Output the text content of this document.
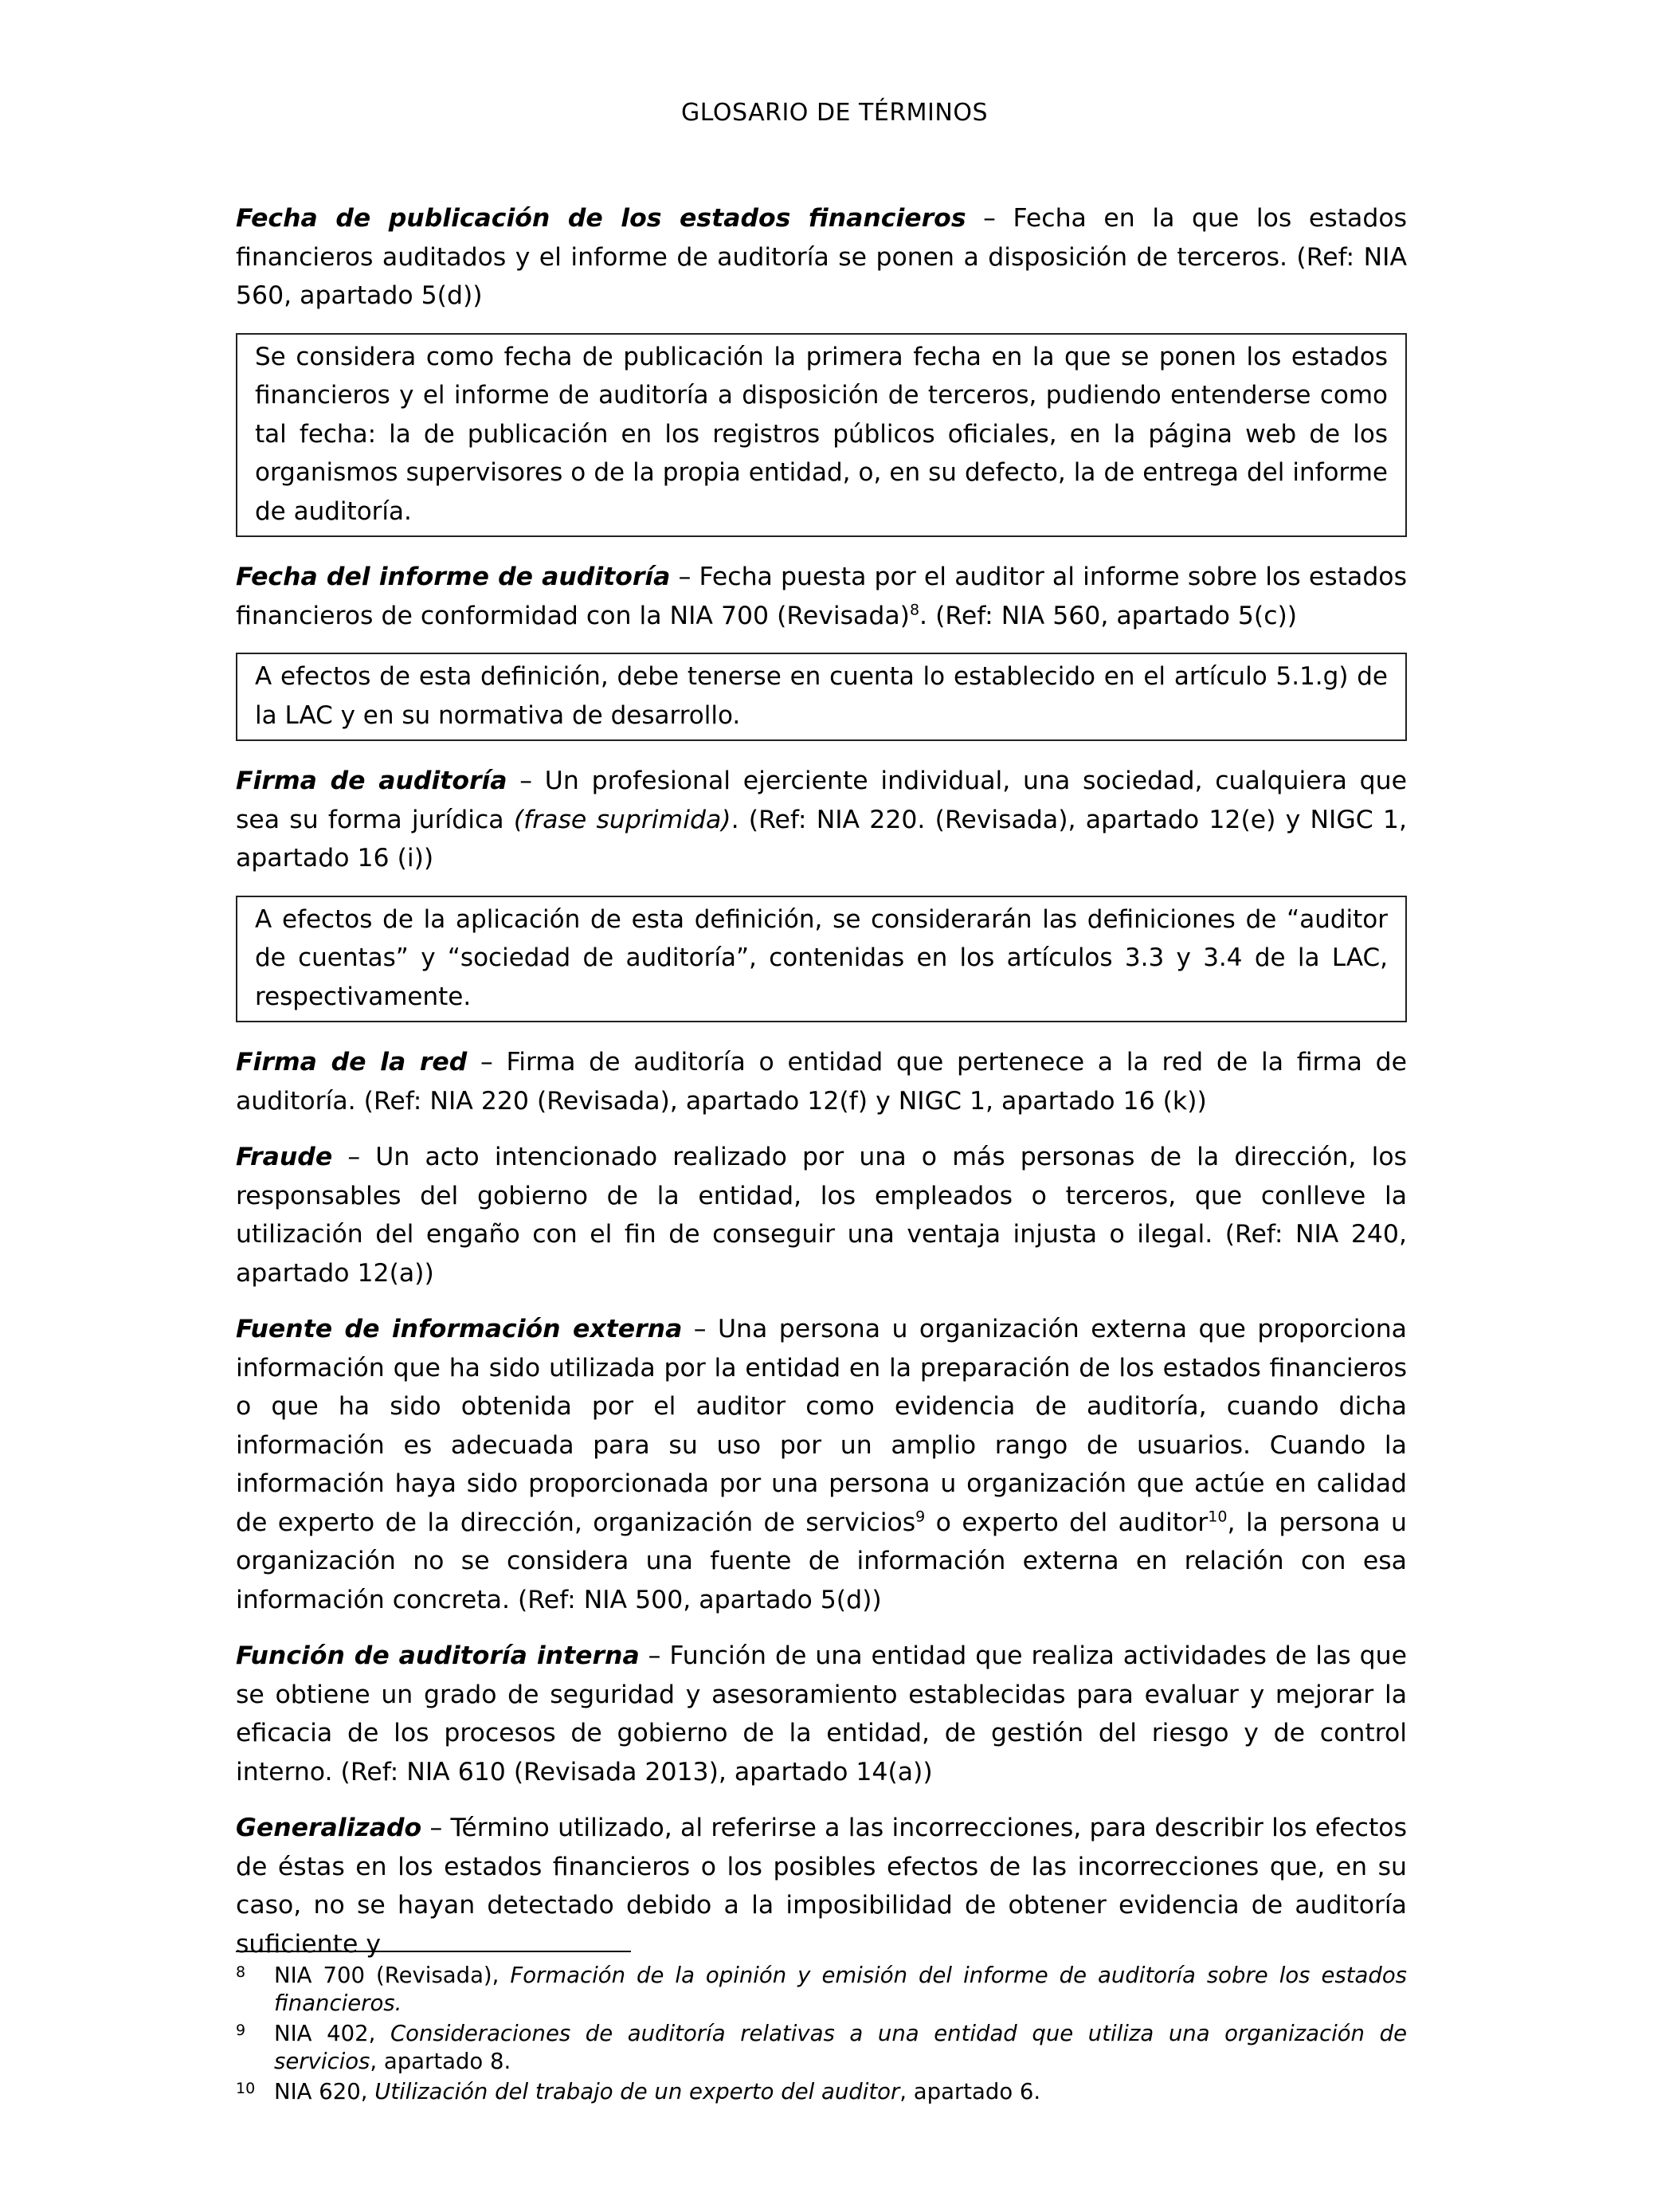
GLOSARIO DE TÉRMINOS

Fecha de publicación de los estados financieros – Fecha en la que los estados financieros auditados y el informe de auditoría se ponen a disposición de terceros. (Ref: NIA 560, apartado 5(d))

Se considera como fecha de publicación la primera fecha en la que se ponen los estados financieros y el informe de auditoría a disposición de terceros, pudiendo entenderse como tal fecha: la de publicación en los registros públicos oficiales, en la página web de los organismos supervisores o de la propia entidad, o, en su defecto, la de entrega del informe de auditoría.

Fecha del informe de auditoría – Fecha puesta por el auditor al informe sobre los estados financieros de conformidad con la NIA 700 (Revisada)$^8$. (Ref: NIA 560, apartado 5(c))

A efectos de esta definición, debe tenerse en cuenta lo establecido en el artículo 5.1.g) de la LAC y en su normativa de desarrollo.

Firma de auditoría – Un profesional ejerciente individual, una sociedad, cualquiera que sea su forma jurídica (frase suprimida). (Ref: NIA 220. (Revisada), apartado 12(e) y NIGC 1, apartado 16 (i))

A efectos de la aplicación de esta definición, se considerarán las definiciones de “auditor de cuentas” y “sociedad de auditoría”, contenidas en los artículos 3.3 y 3.4 de la LAC, respectivamente.

Firma de la red – Firma de auditoría o entidad que pertenece a la red de la firma de auditoría. (Ref: NIA 220 (Revisada), apartado 12(f) y NIGC 1, apartado 16 (k))

Fraude – Un acto intencionado realizado por una o más personas de la dirección, los responsables del gobierno de la entidad, los empleados o terceros, que conlleve la utilización del engaño con el fin de conseguir una ventaja injusta o ilegal. (Ref: NIA 240, apartado 12(a))

Fuente de información externa – Una persona u organización externa que proporciona información que ha sido utilizada por la entidad en la preparación de los estados financieros o que ha sido obtenida por el auditor como evidencia de auditoría, cuando dicha información es adecuada para su uso por un amplio rango de usuarios. Cuando la información haya sido proporcionada por una persona u organización que actúe en calidad de experto de la dirección, organización de servicios$^9$ o experto del auditor$^{10}$, la persona u organización no se considera una fuente de información externa en relación con esa información concreta. (Ref: NIA 500, apartado 5(d))

Función de auditoría interna – Función de una entidad que realiza actividades de las que se obtiene un grado de seguridad y asesoramiento establecidas para evaluar y mejorar la eficacia de los procesos de gobierno de la entidad, de gestión del riesgo y de control interno. (Ref: NIA 610 (Revisada 2013), apartado 14(a))

Generalizado – Término utilizado, al referirse a las incorrecciones, para describir los efectos de éstas en los estados financieros o los posibles efectos de las incorrecciones que, en su caso, no se hayan detectado debido a la imposibilidad de obtener evidencia de auditoría suficiente y

8 NIA 700 (Revisada), Formación de la opinión y emisión del informe de auditoría sobre los estados financieros.
9 NIA 402, Consideraciones de auditoría relativas a una entidad que utiliza una organización de servicios, apartado 8.
10 NIA 620, Utilización del trabajo de un experto del auditor, apartado 6.
